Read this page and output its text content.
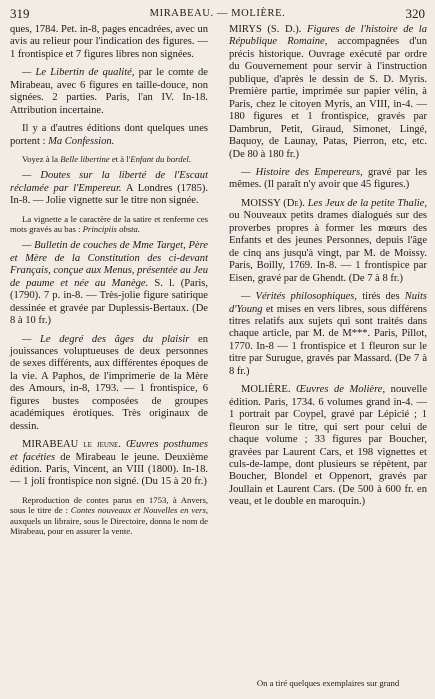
319	MIRABEAU. — MOLIÈRE.	320

ques, 1784. Pet. in-8, pages encadrées, avec un avis au relieur pour l'indication des figures. — 1 frontispice et 7 figures libres non signées.

— Le Libertin de qualité, par le comte de Mirabeau, avec 6 figures en taille-douce, non signées. 2 parties. Paris, l'an IV. In-18. Attribution incertaine.

Il y a d'autres éditions dont quelques unes portent : Ma Confession.

Voyez à la Belle libertine et à l'Enfant du bordel.

— Doutes sur la liberté de l'Escaut réclamée par l'Empereur. A Londres (1785). In-8. — Jolie vignette sur le titre non signée.

La vignette a le caractère de la satire et renferme ces mots gravés au bas : Principiis obsta.

— Bulletin de couches de Mme Target, Père et Mère de la Constitution des ci-devant Français, conçue aux Menus, présentée au Jeu de paume et née au Manège. S. l. (Paris, (1790). 7 p. in-8. — Très-jolie figure satirique dessinée et gravée par Duplessis-Bertaux. (De 8 à 10 fr.)

— Le degré des âges du plaisir en jouissances voluptueuses de deux personnes de sexes différents, aux différentes époques de la vie. A Paphos, de l'imprimerie de la Mère des Amours, in-8, 1793. — 1 frontispice, 6 figures bustes composées de groupes académiques érotiques. Très originaux de dessin.

MIRABEAU le jeune. Œuvres posthumes et facéties de Mirabeau le jeune. Deuxième édition. Paris, Vincent, an VIII (1800). In-18. — 1 joli frontispice non signé. (Du 15 à 20 fr.)

Reproduction de contes parus en 1753, à Anvers, sous le titre de : Contes nouveaux et Nouvelles en vers, auxquels un libraire, sous le Directoire, donna le nom de Mirabeau, pour en assurer la vente.

MIRYS (S. D.). Figures de l'histoire de la République Romaine, accompagnées d'un précis historique. Ouvrage exécuté par ordre du Gouvernement pour servir à l'instruction publique, d'après le dessin de S. D. Myris. Première partie, imprimée sur papier vélin, à Paris, chez le citoyen Myris, an VIII, in-4. — 180 figures et 1 frontispice, gravés par Dambrun, Petit, Giraud, Simonet, Lingé, Baquoy, de Launay, Patas, Pierron, etc, etc. (De 80 à 180 fr.)

— Histoire des Empereurs, gravé par les mêmes. (Il paraît n'y avoir que 45 figures.)

MOISSY (De). Les Jeux de la petite Thalie, ou Nouveaux petits drames dialogués sur des proverbes propres à former les mœurs des Enfants et des jeunes Personnes, depuis l'âge de cinq ans jusqu'à vingt, par M. de Moissy. Paris, Boilly, 1769. In-8. — 1 frontispice par Eisen, gravé par de Ghendt. (De 7 à 8 fr.)

— Vérités philosophiques, tirés des Nuits d'Young et mises en vers libres, sous différens titres relatifs aux sujets qui sont traités dans chaque article, par M. de M***. Paris, Pillot, 1770. In-8 — 1 frontispice et 1 fleuron sur le titre par Surugue, gravés par Massard. (De 7 à 8 fr.)

MOLIÈRE. Œuvres de Molière, nouvelle édition. Paris, 1734. 6 volumes grand in-4. — 1 portrait par Coypel, gravé par Lépicié ; 1 fleuron sur le titre, qui sert pour celui de chaque volume ; 33 figures par Boucher, gravées par Laurent Cars, et 198 vignettes et culs-de-lampe, dont plusieurs se répètent, par Boucher, Blondel et Oppenort, gravés par Joullain et Laurent Cars. (De 500 à 600 fr. en veau, et le double en maroquin.)

On a tiré quelques exemplaires sur grand
